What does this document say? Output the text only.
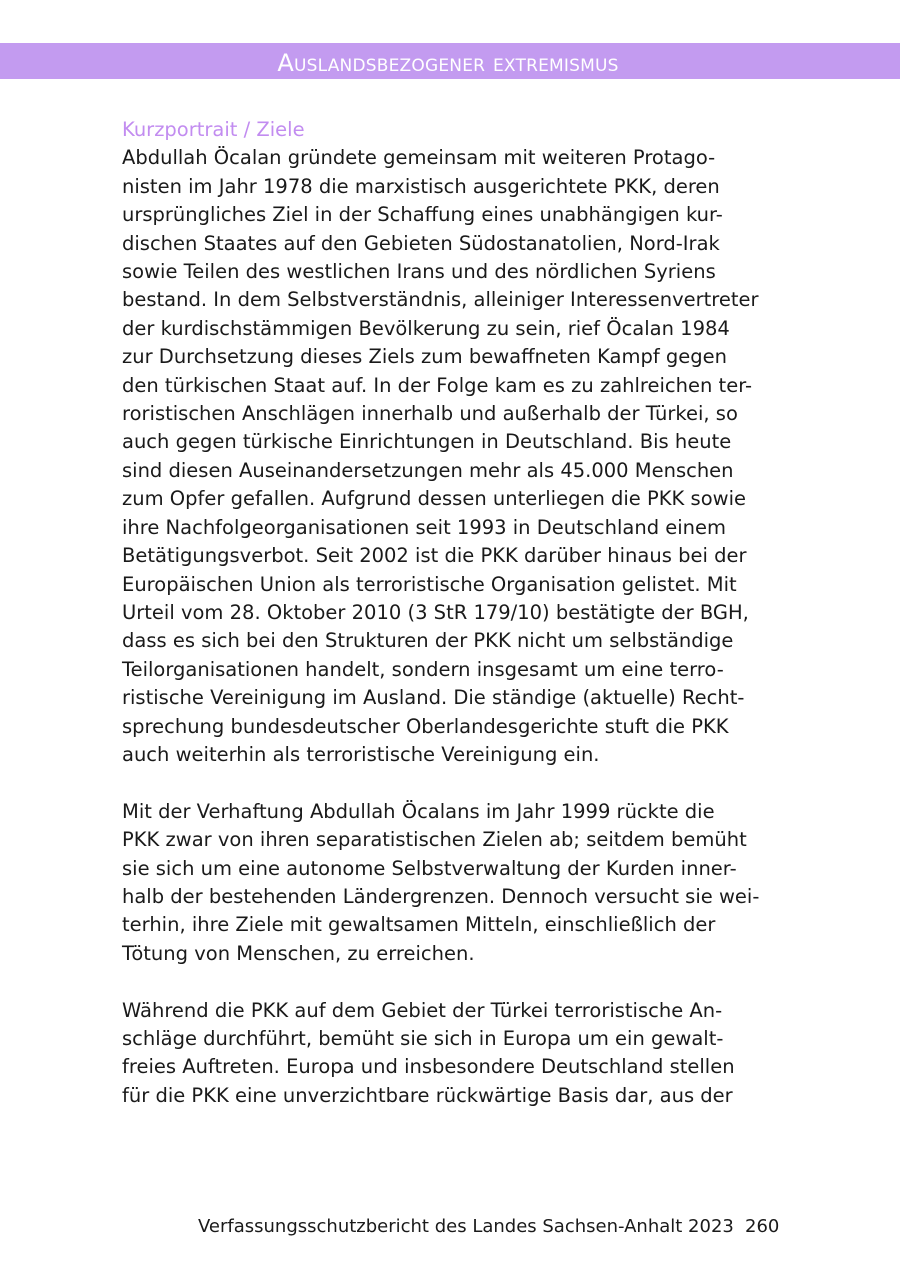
Auslandsbezogener extremismus
Kurzportrait / Ziele

Abdullah Öcalan gründete gemeinsam mit weiteren Protago-
nisten im Jahr 1978 die marxistisch ausgerichtete PKK, deren
ursprüngliches Ziel in der Schaffung eines unabhängigen kur-
dischen Staates auf den Gebieten Südostanatolien, Nord-Irak
sowie Teilen des westlichen Irans und des nördlichen Syriens
bestand. In dem Selbstverständnis, alleiniger Interessenvertreter
der kurdischstämmigen Bevölkerung zu sein, rief Öcalan 1984
zur Durchsetzung dieses Ziels zum bewaffneten Kampf gegen
den türkischen Staat auf. In der Folge kam es zu zahlreichen ter-
roristischen Anschlägen innerhalb und außerhalb der Türkei, so
auch gegen türkische Einrichtungen in Deutschland. Bis heute
sind diesen Auseinandersetzungen mehr als 45.000 Menschen
zum Opfer gefallen. Aufgrund dessen unterliegen die PKK sowie
ihre Nachfolgeorganisationen seit 1993 in Deutschland einem
Betätigungsverbot. Seit 2002 ist die PKK darüber hinaus bei der
Europäischen Union als terroristische Organisation gelistet. Mit
Urteil vom 28. Oktober 2010 (3 StR 179/10) bestätigte der BGH,
dass es sich bei den Strukturen der PKK nicht um selbständige
Teilorganisationen handelt, sondern insgesamt um eine terro-
ristische Vereinigung im Ausland. Die ständige (aktuelle) Recht-
sprechung bundesdeutscher Oberlandesgerichte stuft die PKK
auch weiterhin als terroristische Vereinigung ein.

Mit der Verhaftung Abdullah Öcalans im Jahr 1999 rückte die
PKK zwar von ihren separatistischen Zielen ab; seitdem bemüht
sie sich um eine autonome Selbstverwaltung der Kurden inner-
halb der bestehenden Ländergrenzen. Dennoch versucht sie wei-
terhin, ihre Ziele mit gewaltsamen Mitteln, einschließlich der
Tötung von Menschen, zu erreichen.

Während die PKK auf dem Gebiet der Türkei terroristische An-
schläge durchführt, bemüht sie sich in Europa um ein gewalt-
freies Auftreten. Europa und insbesondere Deutschland stellen
für die PKK eine unverzichtbare rückwärtige Basis dar, aus der

Verfassungsschutzbericht des Landes Sachsen-Anhalt 2023 260
